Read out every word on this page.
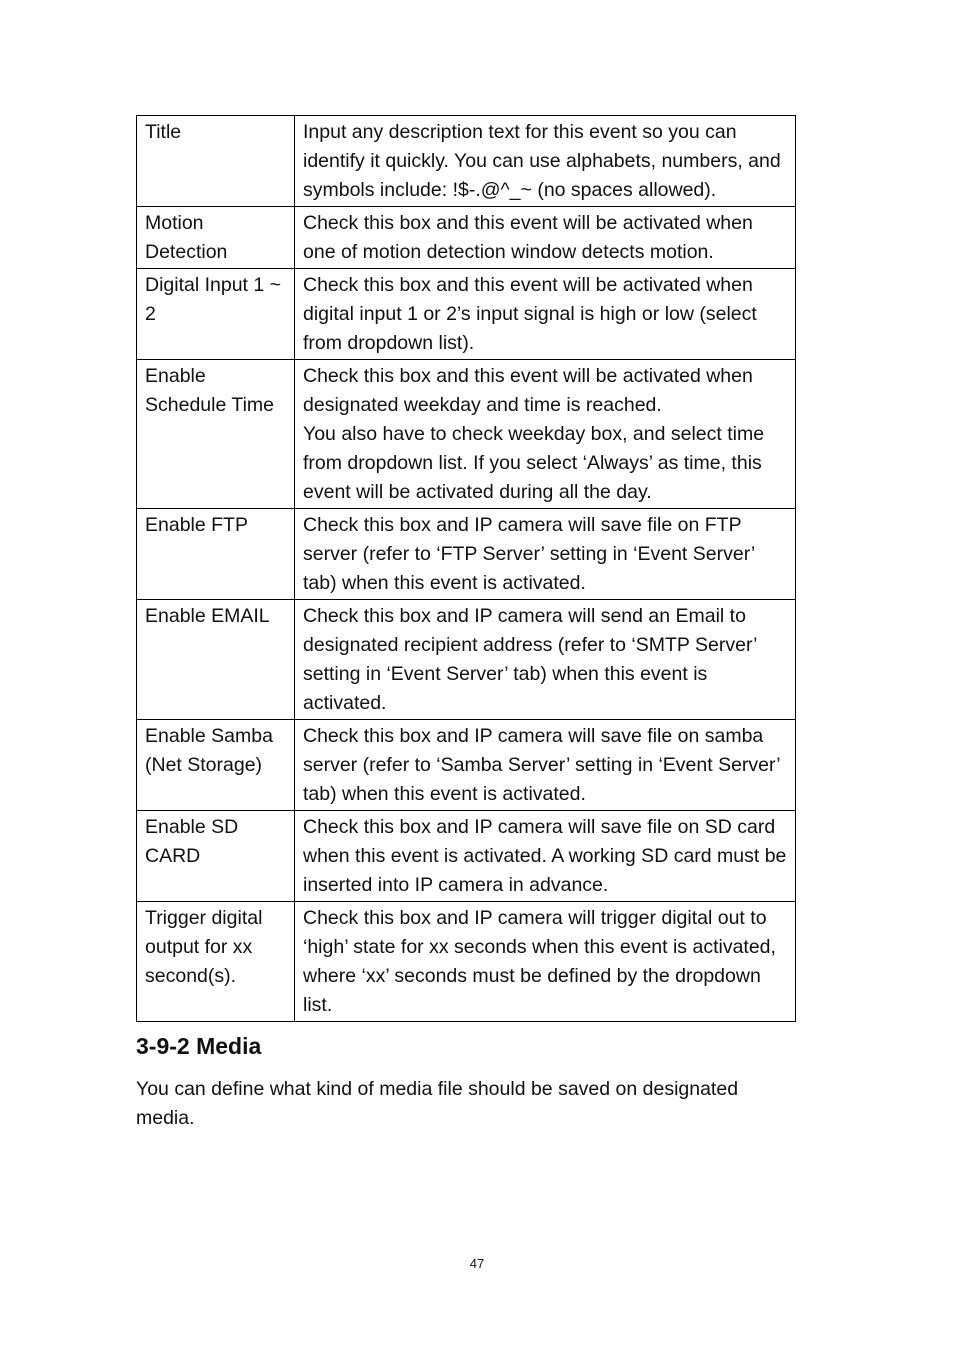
Title	Input any description text for this event so you can identify it quickly. You can use alphabets, numbers, and symbols include: !$-.@^_~ (no spaces allowed).

Motion Detection	Check this box and this event will be activated when one of motion detection window detects motion.

Digital Input 1 ~ 2	Check this box and this event will be activated when digital input 1 or 2’s input signal is high or low (select from dropdown list).

Enable Schedule Time	Check this box and this event will be activated when designated weekday and time is reached.
You also have to check weekday box, and select time from dropdown list. If you select ‘Always’ as time, this event will be activated during all the day.

Enable FTP	Check this box and IP camera will save file on FTP server (refer to ‘FTP Server’ setting in ‘Event Server’ tab) when this event is activated.

Enable EMAIL	Check this box and IP camera will send an Email to designated recipient address (refer to ‘SMTP Server’ setting in ‘Event Server’ tab) when this event is activated.

Enable Samba (Net Storage)	Check this box and IP camera will save file on samba server (refer to ‘Samba Server’ setting in ‘Event Server’ tab) when this event is activated.

Enable SD CARD	Check this box and IP camera will save file on SD card when this event is activated. A working SD card must be inserted into IP camera in advance.

Trigger digital output for xx second(s).	Check this box and IP camera will trigger digital out to ‘high’ state for xx seconds when this event is activated, where ‘xx’ seconds must be defined by the dropdown list.
3-9-2 Media

You can define what kind of media file should be saved on designated media.

47
